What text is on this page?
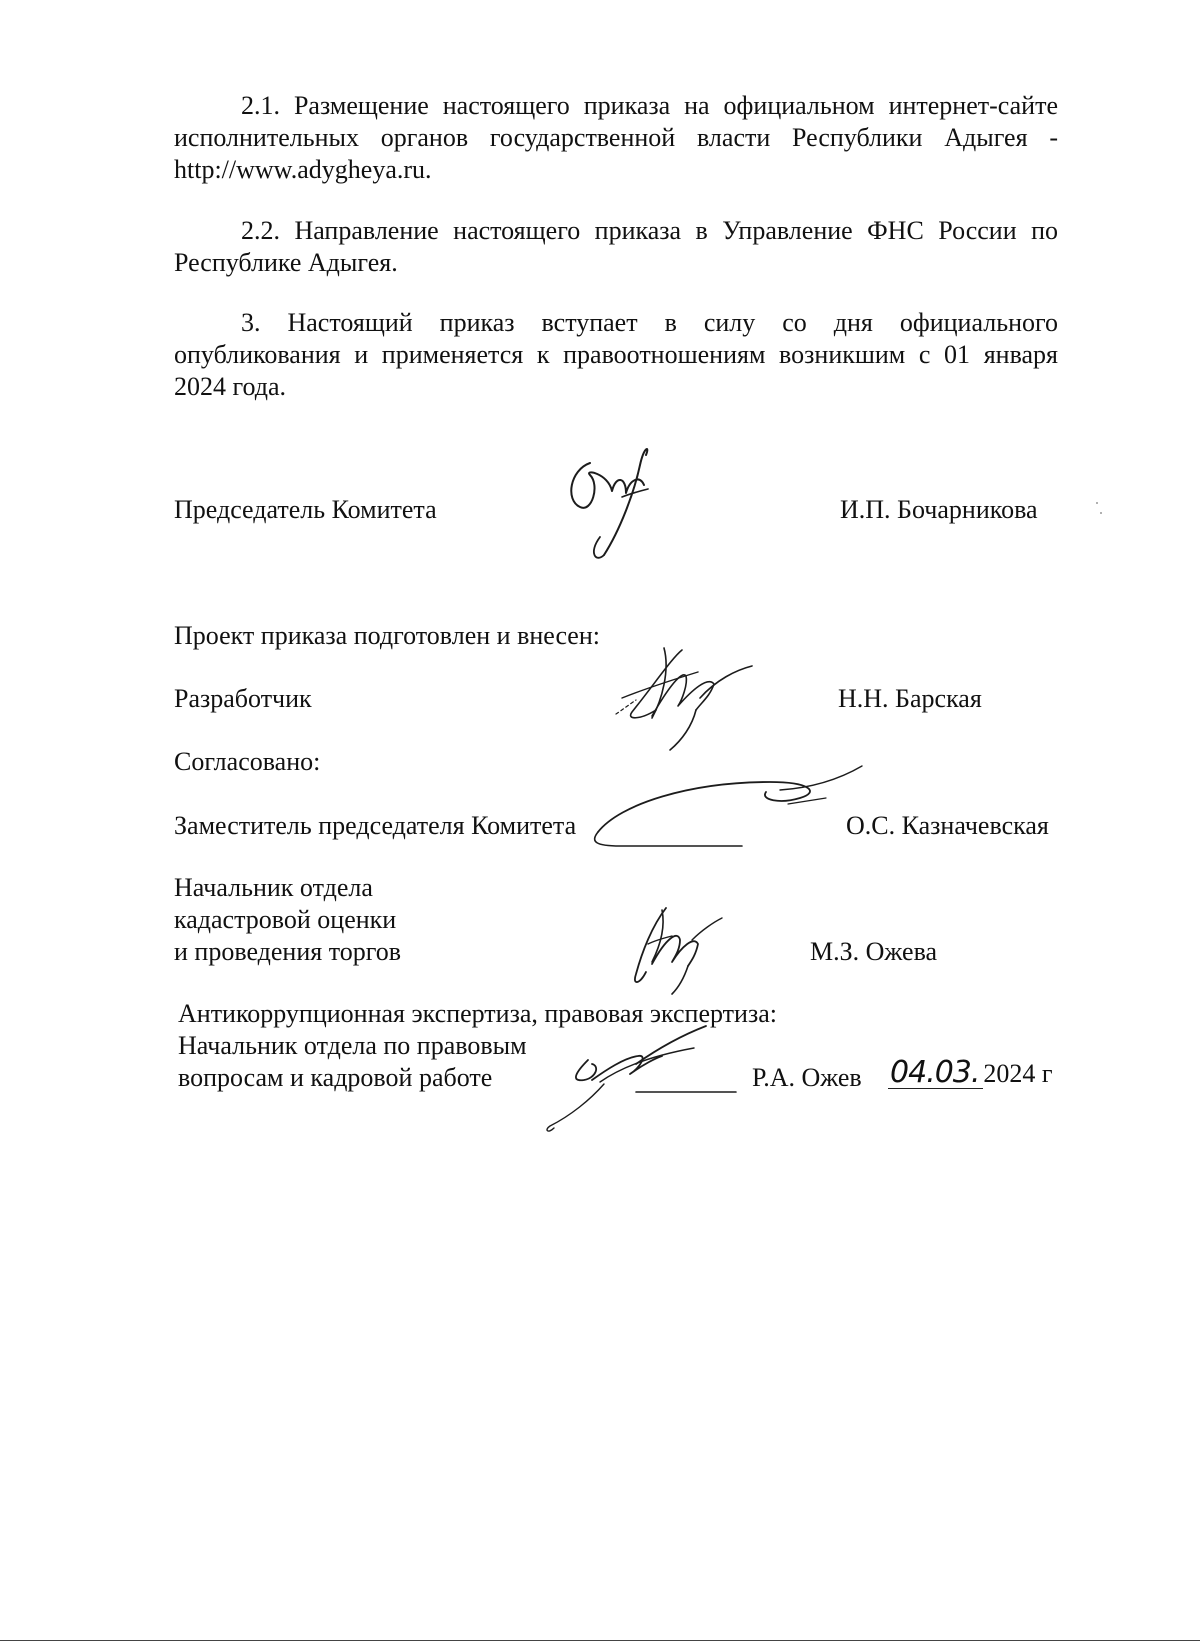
2.1. Размещение настоящего приказа на официальном интернет-сайте исполнительных органов государственной власти Республики Адыгея - http://www.adygheya.ru.

2.2. Направление настоящего приказа в Управление ФНС России по Республике Адыгея.

3. Настоящий приказ вступает в силу со дня официального опубликования и применяется к правоотношениям возникшим с 01 января 2024 года.

Председатель Комитета	И.П. Бочарникова
Проект приказа подготовлен и внесен:
Разработчик	Н.Н. Барская
Согласовано:
Заместитель председателя Комитета	О.С. Казначевская
Начальник отдела
кадастровой оценки
и проведения торгов	М.З. Ожева
Антикоррупционная экспертиза, правовая экспертиза:
Начальник отдела по правовым
вопросам и кадровой работе	Р.А. Ожев 04.03. 2024 г
